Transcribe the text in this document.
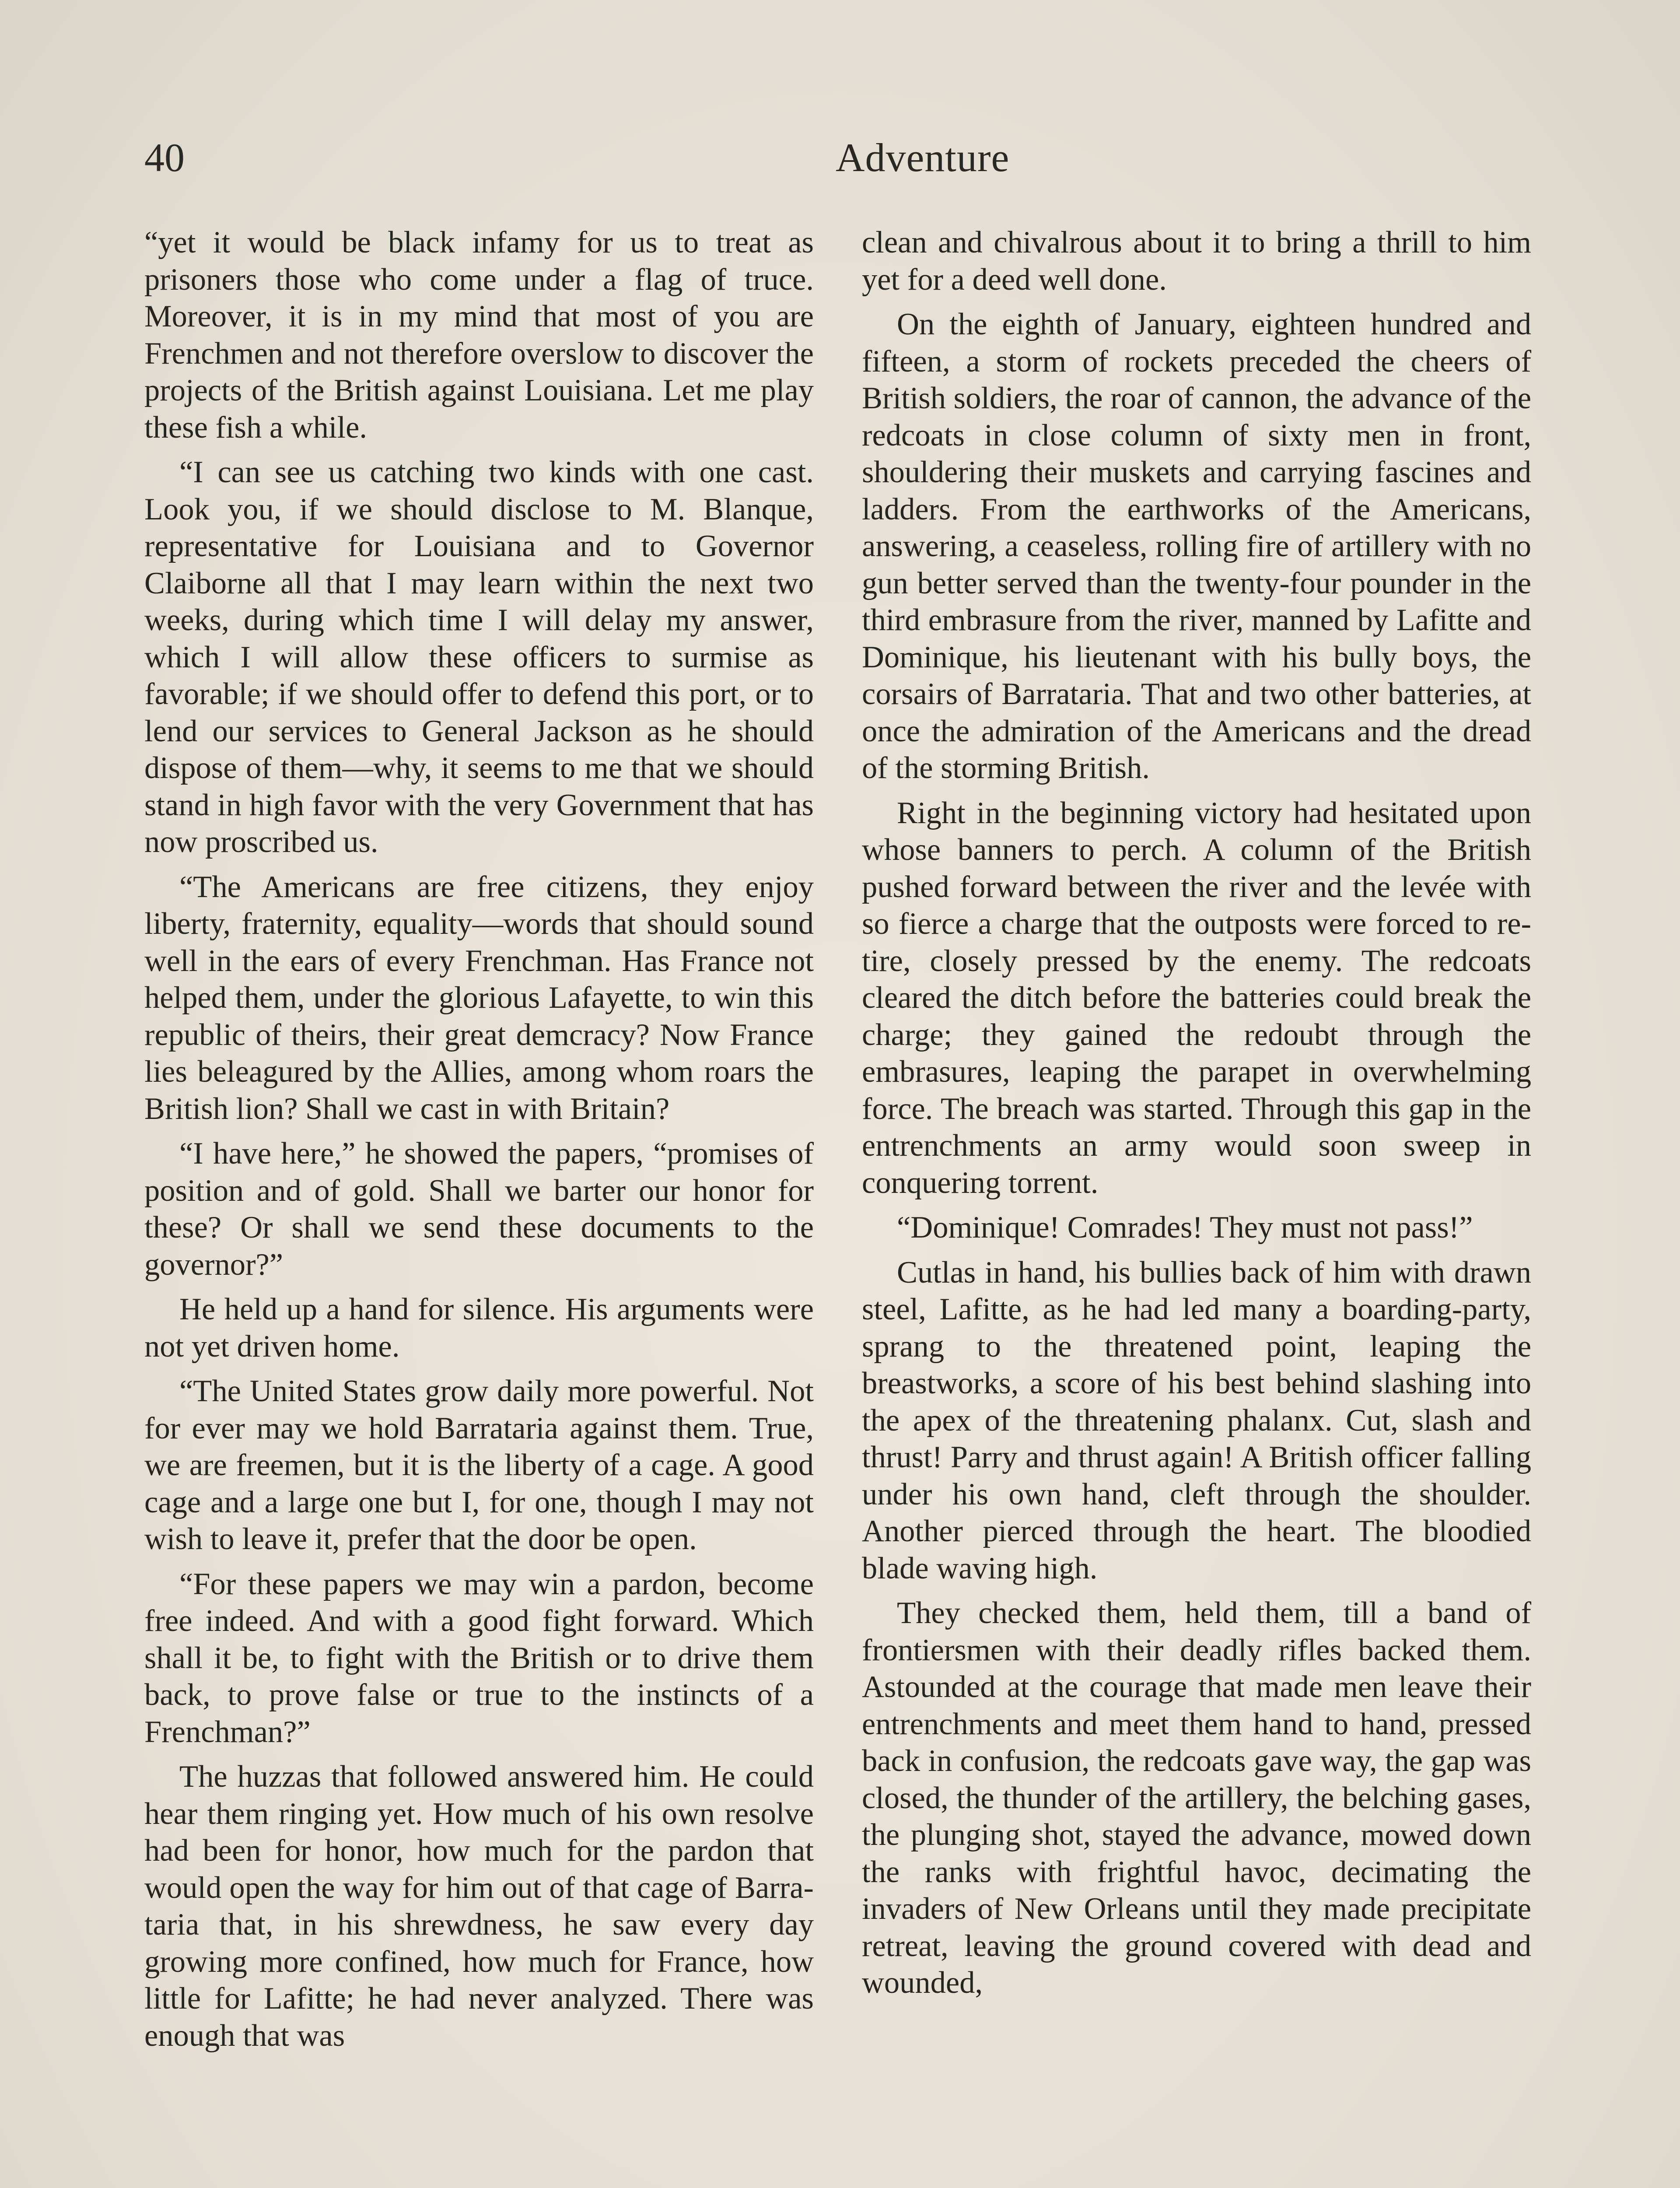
40	Adventure

“yet it would be black infamy for us to treat as prisoners those who come under a flag of truce. Moreover, it is in my mind that most of you are Frenchmen and not therefore overslow to discover the projects of the British against Louisiana. Let me play these fish a while.

“I can see us catching two kinds with one cast. Look you, if we should disclose to M. Blanque, representative for Louisiana and to Governor Claiborne all that I may learn within the next two weeks, during which time I will delay my answer, which I will allow these officers to surmise as favorable; if we should offer to defend this port, or to lend our services to General Jackson as he should dispose of them—why, it seems to me that we should stand in high favor with the very Government that has now proscribed us.

“The Americans are free citizens, they enjoy liberty, fraternity, equality—words that should sound well in the ears of every Frenchman. Has France not helped them, under the glorious Lafayette, to win this republic of theirs, their great demcracy? Now France lies beleagured by the Allies, among whom roars the British lion? Shall we cast in with Britain?

“I have here,” he showed the papers, “promises of position and of gold. Shall we barter our honor for these? Or shall we send these documents to the governor?”

He held up a hand for silence. His arguments were not yet driven home.

“The United States grow daily more powerful. Not for ever may we hold Barrataria against them. True, we are freemen, but it is the liberty of a cage. A good cage and a large one but I, for one, though I may not wish to leave it, prefer that the door be open.

“For these papers we may win a pardon, become free indeed. And with a good fight forward. Which shall it be, to fight with the British or to drive them back, to prove false or true to the instincts of a Frenchman?”

The huzzas that followed answered him. He could hear them ringing yet. How much of his own resolve had been for honor, how much for the pardon that would open the way for him out of that cage of Barrataria that, in his shrewdness, he saw every day growing more confined, how much for France, how little for Lafitte; he had never analyzed. There was enough that was

clean and chivalrous about it to bring a thrill to him yet for a deed well done.

On the eighth of January, eighteen hundred and fifteen, a storm of rockets preceded the cheers of British soldiers, the roar of cannon, the advance of the redcoats in close column of sixty men in front, shouldering their muskets and carrying fascines and ladders. From the earthworks of the Americans, answering, a ceaseless, rolling fire of artillery with no gun better served than the twenty-four pounder in the third embrasure from the river, manned by Lafitte and Dominique, his lieutenant with his bully boys, the corsairs of Barrataria. That and two other batteries, at once the admiration of the Americans and the dread of the storming British.

Right in the beginning victory had hesitated upon whose banners to perch. A column of the British pushed forward between the river and the levée with so fierce a charge that the outposts were forced to retire, closely pressed by the enemy. The redcoats cleared the ditch before the batteries could break the charge; they gained the redoubt through the embrasures, leaping the parapet in overwhelming force. The breach was started. Through this gap in the entrenchments an army would soon sweep in conquering torrent.

“Dominique! Comrades! They must not pass!”

Cutlas in hand, his bullies back of him with drawn steel, Lafitte, as he had led many a boarding-party, sprang to the threatened point, leaping the breastworks, a score of his best behind slashing into the apex of the threatening phalanx. Cut, slash and thrust! Parry and thrust again! A British officer falling under his own hand, cleft through the shoulder. Another pierced through the heart. The bloodied blade waving high.

They checked them, held them, till a band of frontiersmen with their deadly rifles backed them. Astounded at the courage that made men leave their entrenchments and meet them hand to hand, pressed back in confusion, the redcoats gave way, the gap was closed, the thunder of the artillery, the belching gases, the plunging shot, stayed the advance, mowed down the ranks with frightful havoc, decimating the invaders of New Orleans until they made precipitate retreat, leaving the ground covered with dead and wounded,
